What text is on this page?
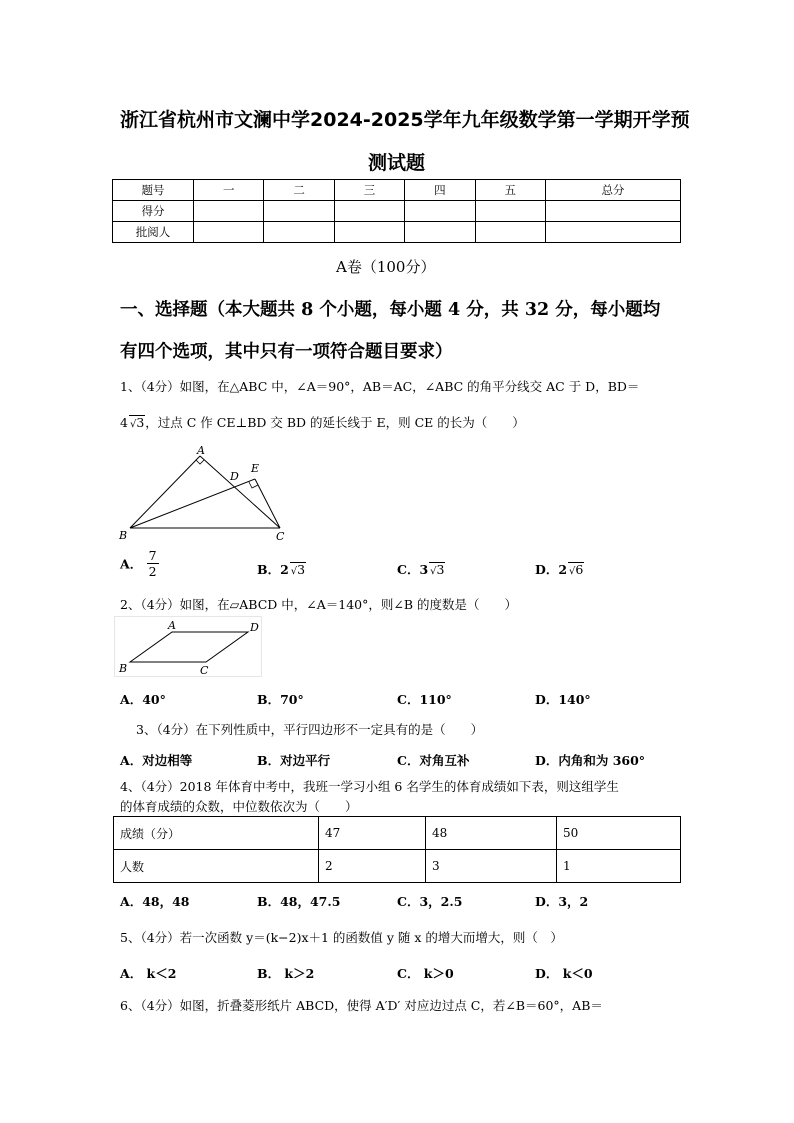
浙江省杭州市文澜中学2024-2025学年九年级数学第一学期开学预
测试题
题号	一	二	三	四	五	总分
得分						
批阅人						
A卷（100分）
一、选择题（本大题共 8 个小题，每小题 4 分，共 32 分，每小题均
有四个选项，其中只有一项符合题目要求）
1、（4分）如图，在△ABC 中，∠A＝90°，AB＝AC，∠ABC 的角平分线交 AC 于 D，BD＝
4 √3，过点 C 作 CE⊥BD 交 BD 的延长线于 E，则 CE 的长为（　　）
A
D
E
B	C
A． $\frac{7}{2}$	B．2 √3	C．3 √3	D．2 √6
2、（4分）如图，在▱ABCD 中，∠A＝140°，则∠B 的度数是（　　）
A	D
B	C
A．40°	B．70°	C．110°	D．140°
3、（4分）在下列性质中，平行四边形不一定具有的是（　　）
A．对边相等	B．对边平行	C．对角互补	D．内角和为 360°
4、（4分）2018 年体育中考中，我班一学习小组 6 名学生的体育成绩如下表，则这组学生
的体育成绩的众数，中位数依次为（　　）
成绩（分）	47	48	50
人数	2	3	1
A．48，48	B．48，47.5	C．3，2.5	D．3，2
5、（4分）若一次函数 y＝(k−2)x＋1 的函数值 y 随 x 的增大而增大，则（　）
A． k＜2	B． k＞2	C． k＞0	D． k＜0
6、（4分）如图，折叠菱形纸片 ABCD，使得 A′D′ 对应边过点 C，若∠B＝60°，AB＝
